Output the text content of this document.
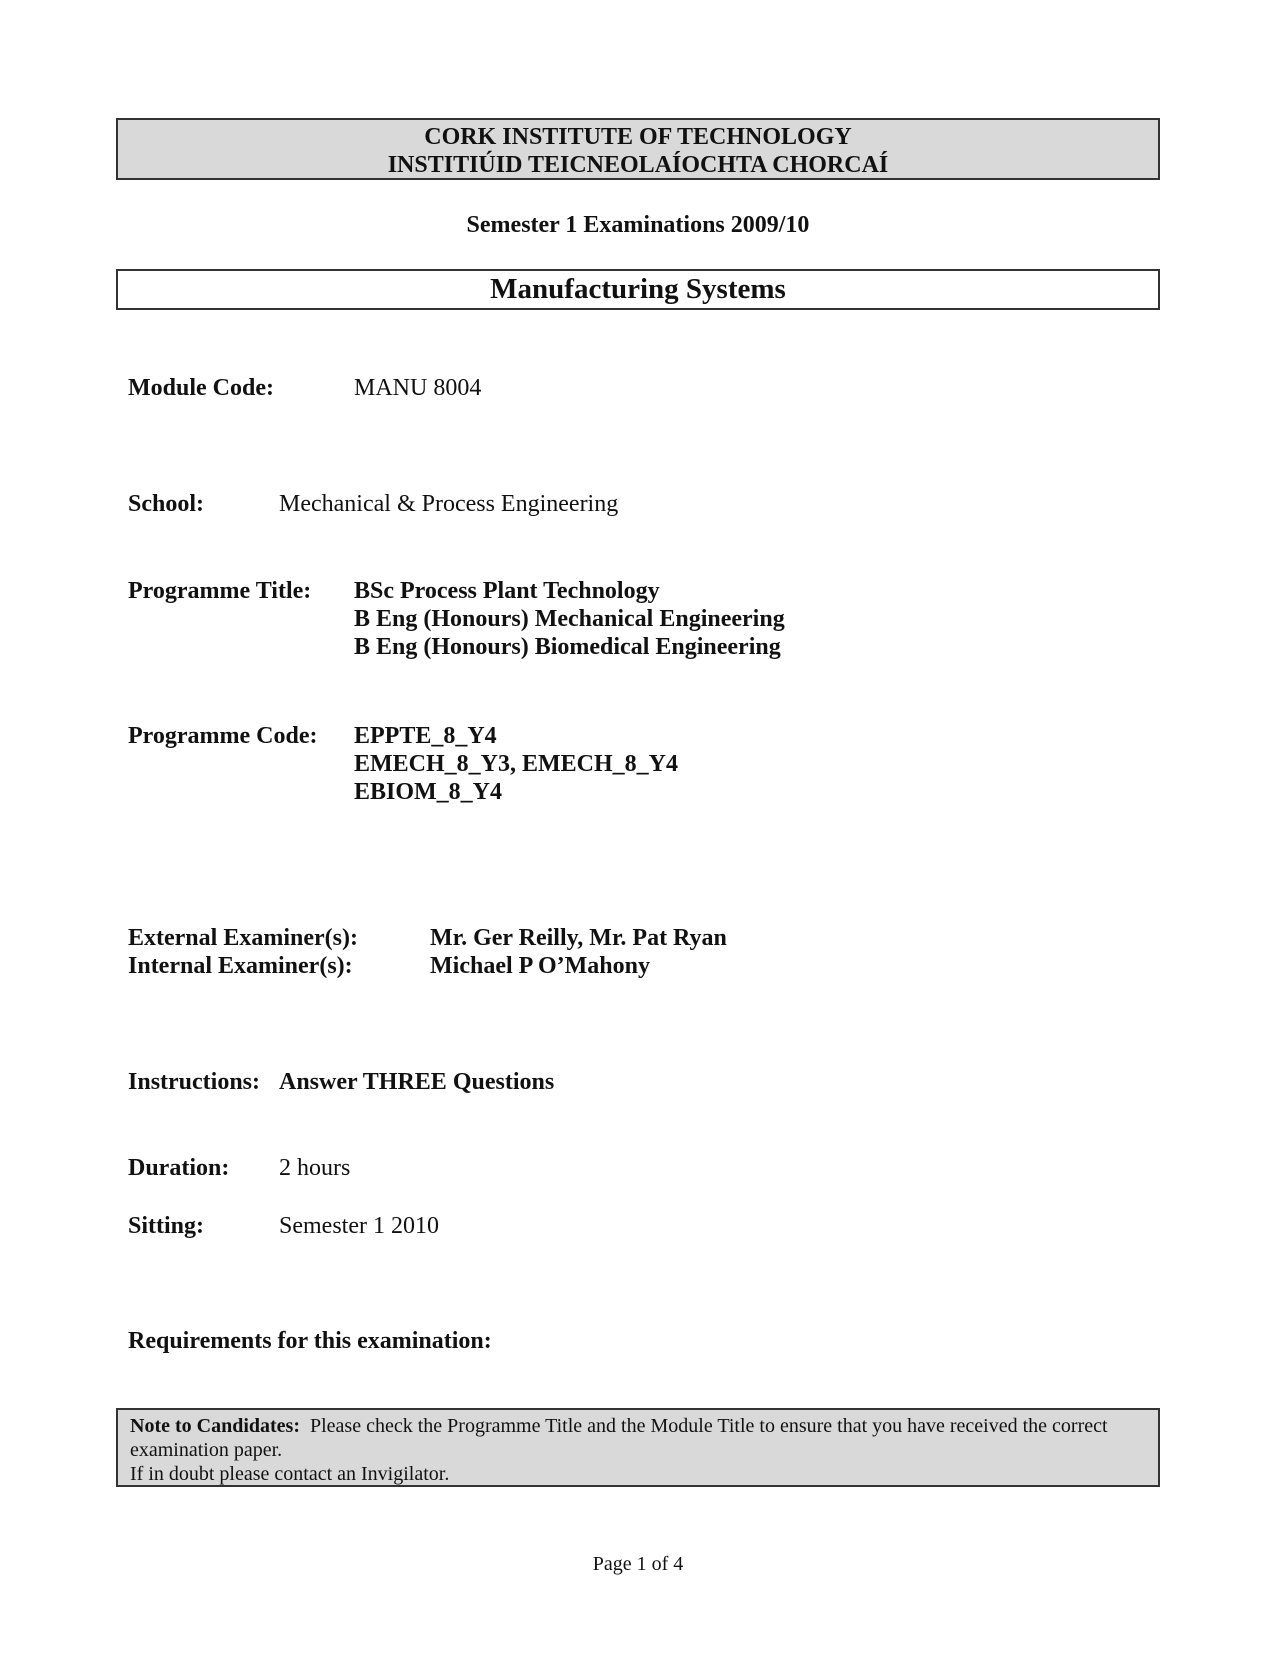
CORK INSTITUTE OF TECHNOLOGY
INSTITIÚID TEICNEOLAÍOCHTA CHORCAÍ
Semester 1 Examinations 2009/10
Manufacturing Systems
Module Code:	MANU 8004
School:	Mechanical & Process Engineering
Programme Title: BSc Process Plant Technology
B Eng (Honours) Mechanical Engineering
B Eng (Honours) Biomedical Engineering
Programme Code: EPPTE_8_Y4
EMECH_8_Y3, EMECH_8_Y4
EBIOM_8_Y4
External Examiner(s):	Mr. Ger Reilly, Mr. Pat Ryan
Internal Examiner(s):	Michael P O’Mahony
Instructions: Answer THREE Questions
Duration: 2 hours
Sitting:	Semester 1 2010
Requirements for this examination:
Note to Candidates: Please check the Programme Title and the Module Title to ensure that you have received the correct examination paper.
If in doubt please contact an Invigilator.
Page 1 of 4
